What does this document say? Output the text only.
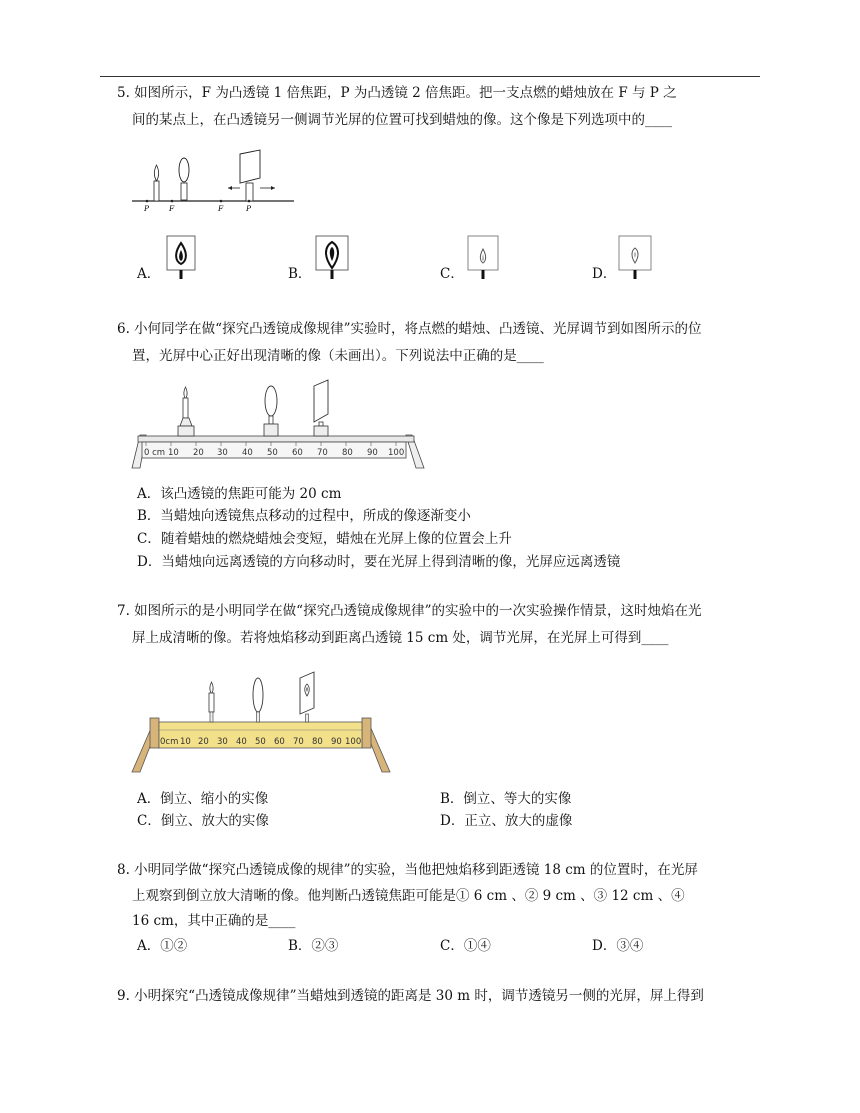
5. 如图所示，F 为凸透镜 1 倍焦距，P 为凸透镜 2 倍焦距。把一支点燃的蜡烛放在 F 与 P 之
间的某点上，在凸透镜另一侧调节光屏的位置可找到蜡烛的像。这个像是下列选项中的____
P	F	F	P
A．	B．	C．	D．
6. 小何同学在做“探究凸透镜成像规律”实验时，将点燃的蜡烛、凸透镜、光屏调节到如图所示的位
置，光屏中心正好出现清晰的像（未画出）。下列说法中正确的是____
0 cm 10 20 30 40 50 60 70 80 90 100
A．该凸透镜的焦距可能为 20 cm
B．当蜡烛向透镜焦点移动的过程中，所成的像逐渐变小
C．随着蜡烛的燃烧蜡烛会变短，蜡烛在光屏上像的位置会上升
D．当蜡烛向远离透镜的方向移动时，要在光屏上得到清晰的像，光屏应远离透镜
7. 如图所示的是小明同学在做“探究凸透镜成像规律”的实验中的一次实验操作情景，这时烛焰在光
屏上成清晰的像。若将烛焰移动到距离凸透镜 15 cm 处，调节光屏，在光屏上可得到____
0cm 10 20 30 40 50 60 70 80 90 100
A．倒立、缩小的实像	B．倒立、等大的实像
C．倒立、放大的实像	D．正立、放大的虚像
8. 小明同学做“探究凸透镜成像的规律”的实验，当他把烛焰移到距透镜 18 cm 的位置时，在光屏
上观察到倒立放大清晰的像。他判断凸透镜焦距可能是① 6 cm 、② 9 cm 、③ 12 cm 、④
16 cm，其中正确的是____
A．①②	B．②③	C．①④	D．③④
9. 小明探究“凸透镜成像规律”当蜡烛到透镜的距离是 30 m 时，调节透镜另一侧的光屏，屏上得到
